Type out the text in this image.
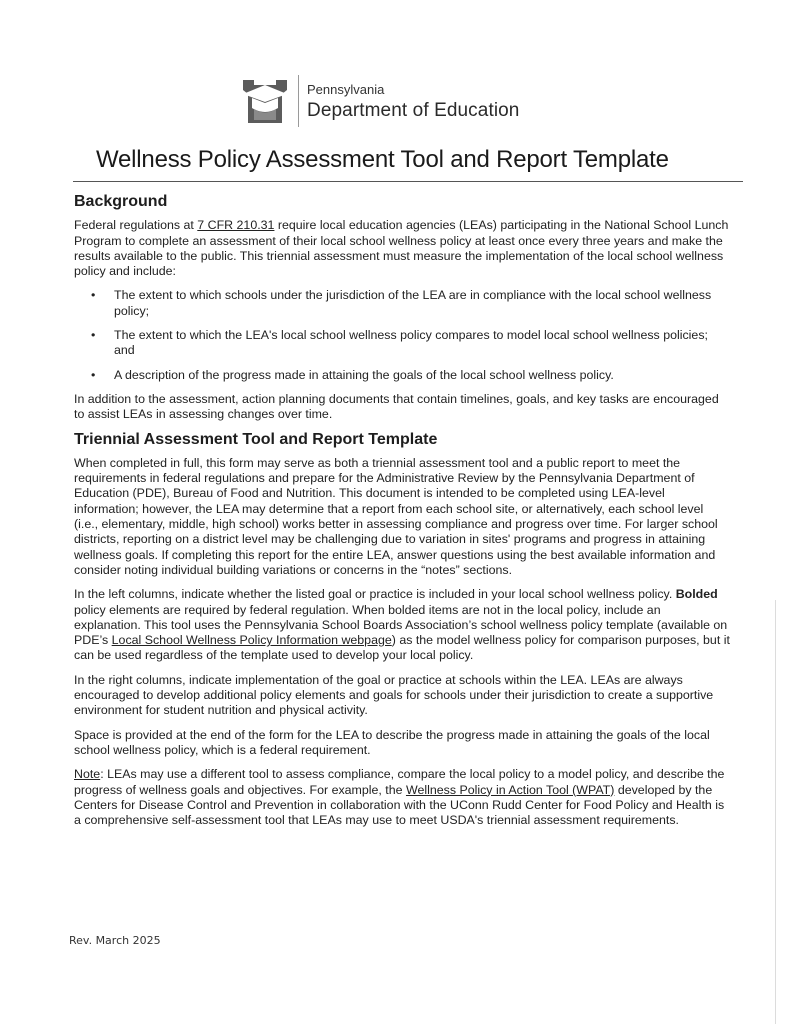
Pennsylvania
Department of Education
Wellness Policy Assessment Tool and Report Template
Background

Federal regulations at 7 CFR 210.31 require local education agencies (LEAs) participating in the National School Lunch Program to complete an assessment of their local school wellness policy at least once every three years and make the results available to the public. This triennial assessment must measure the implementation of the local school wellness policy and include:

• The extent to which schools under the jurisdiction of the LEA are in compliance with the local school wellness policy;
• The extent to which the LEA's local school wellness policy compares to model local school wellness policies; and
• A description of the progress made in attaining the goals of the local school wellness policy.

In addition to the assessment, action planning documents that contain timelines, goals, and key tasks are encouraged to assist LEAs in assessing changes over time.

Triennial Assessment Tool and Report Template

When completed in full, this form may serve as both a triennial assessment tool and a public report to meet the requirements in federal regulations and prepare for the Administrative Review by the Pennsylvania Department of Education (PDE), Bureau of Food and Nutrition. This document is intended to be completed using LEA-level information; however, the LEA may determine that a report from each school site, or alternatively, each school level (i.e., elementary, middle, high school) works better in assessing compliance and progress over time. For larger school districts, reporting on a district level may be challenging due to variation in sites' programs and progress in attaining wellness goals. If completing this report for the entire LEA, answer questions using the best available information and consider noting individual building variations or concerns in the “notes” sections.

In the left columns, indicate whether the listed goal or practice is included in your local school wellness policy. Bolded policy elements are required by federal regulation. When bolded items are not in the local policy, include an explanation. This tool uses the Pennsylvania School Boards Association’s school wellness policy template (available on PDE’s Local School Wellness Policy Information webpage) as the model wellness policy for comparison purposes, but it can be used regardless of the template used to develop your local policy.

In the right columns, indicate implementation of the goal or practice at schools within the LEA. LEAs are always encouraged to develop additional policy elements and goals for schools under their jurisdiction to create a supportive environment for student nutrition and physical activity.

Space is provided at the end of the form for the LEA to describe the progress made in attaining the goals of the local school wellness policy, which is a federal requirement.

Note: LEAs may use a different tool to assess compliance, compare the local policy to a model policy, and describe the progress of wellness goals and objectives. For example, the Wellness Policy in Action Tool (WPAT) developed by the Centers for Disease Control and Prevention in collaboration with the UConn Rudd Center for Food Policy and Health is a comprehensive self-assessment tool that LEAs may use to meet USDA's triennial assessment requirements.

Rev. March 2025
